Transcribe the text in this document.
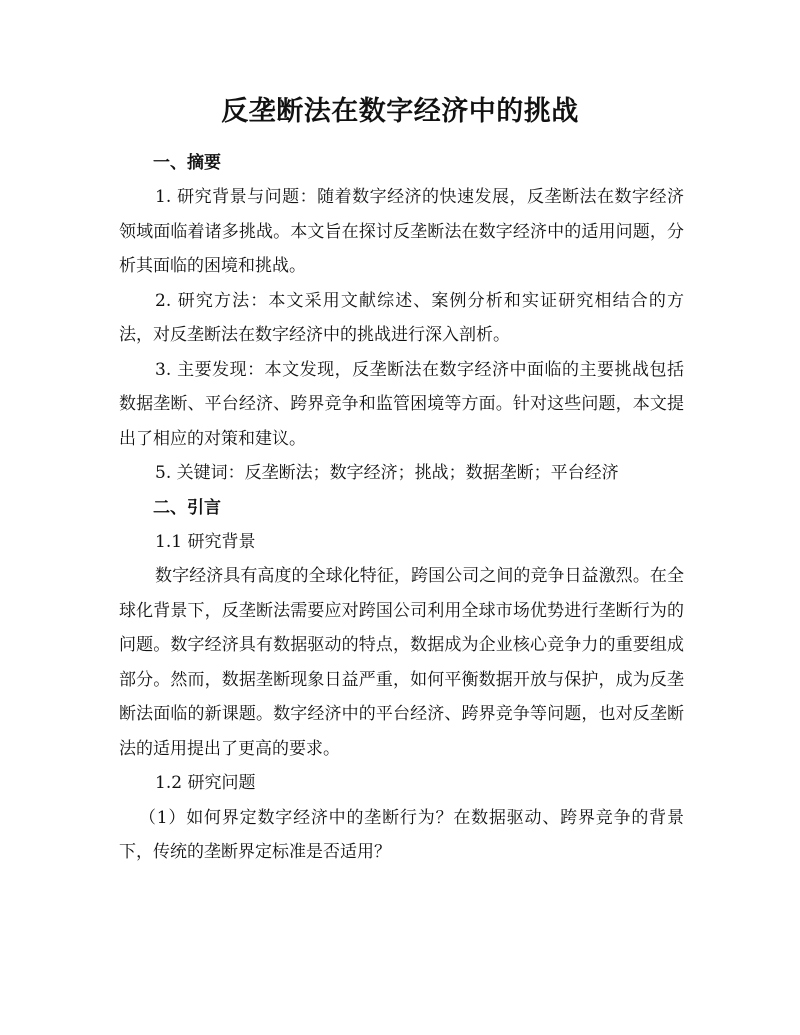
反垄断法在数字经济中的挑战
一、摘要

1. 研究背景与问题：随着数字经济的快速发展，反垄断法在数字经济领域面临着诸多挑战。本文旨在探讨反垄断法在数字经济中的适用问题，分析其面临的困境和挑战。

2. 研究方法：本文采用文献综述、案例分析和实证研究相结合的方法，对反垄断法在数字经济中的挑战进行深入剖析。

3. 主要发现：本文发现，反垄断法在数字经济中面临的主要挑战包括数据垄断、平台经济、跨界竞争和监管困境等方面。针对这些问题，本文提出了相应的对策和建议。

5. 关键词：反垄断法；数字经济；挑战；数据垄断；平台经济

二、引言

1.1 研究背景

数字经济具有高度的全球化特征，跨国公司之间的竞争日益激烈。在全球化背景下，反垄断法需要应对跨国公司利用全球市场优势进行垄断行为的问题。数字经济具有数据驱动的特点，数据成为企业核心竞争力的重要组成部分。然而，数据垄断现象日益严重，如何平衡数据开放与保护，成为反垄断法面临的新课题。数字经济中的平台经济、跨界竞争等问题，也对反垄断法的适用提出了更高的要求。

1.2 研究问题

（1）如何界定数字经济中的垄断行为？在数据驱动、跨界竞争的背景下，传统的垄断界定标准是否适用？
